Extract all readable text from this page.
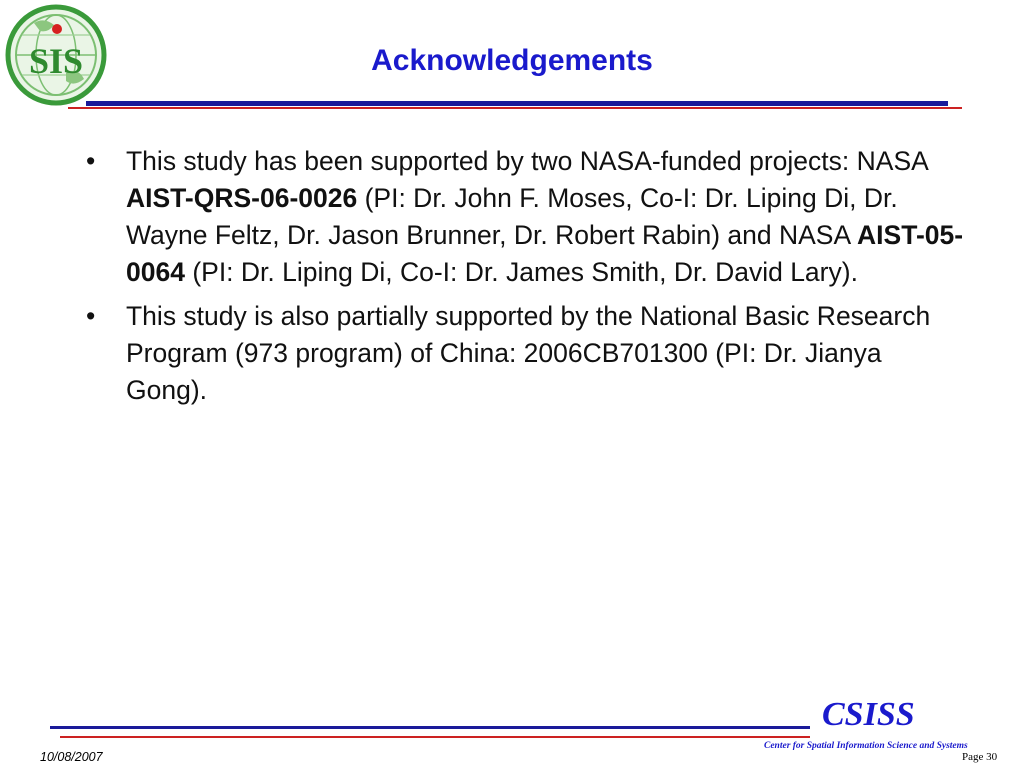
SIS	Acknowledgements
• This study has been supported by two NASA-funded projects: NASA AIST-QRS-06-0026 (PI: Dr. John F. Moses, Co-I: Dr. Liping Di, Dr. Wayne Feltz, Dr. Jason Brunner, Dr. Robert Rabin) and NASA AIST-05-0064 (PI: Dr. Liping Di, Co-I: Dr. James Smith, Dr. David Lary).
• This study is also partially supported by the National Basic Research Program (973 program) of China: 2006CB701300 (PI: Dr. Jianya Gong).
CSISS
Center for Spatial Information Science and Systems
10/08/2007	Page 30
